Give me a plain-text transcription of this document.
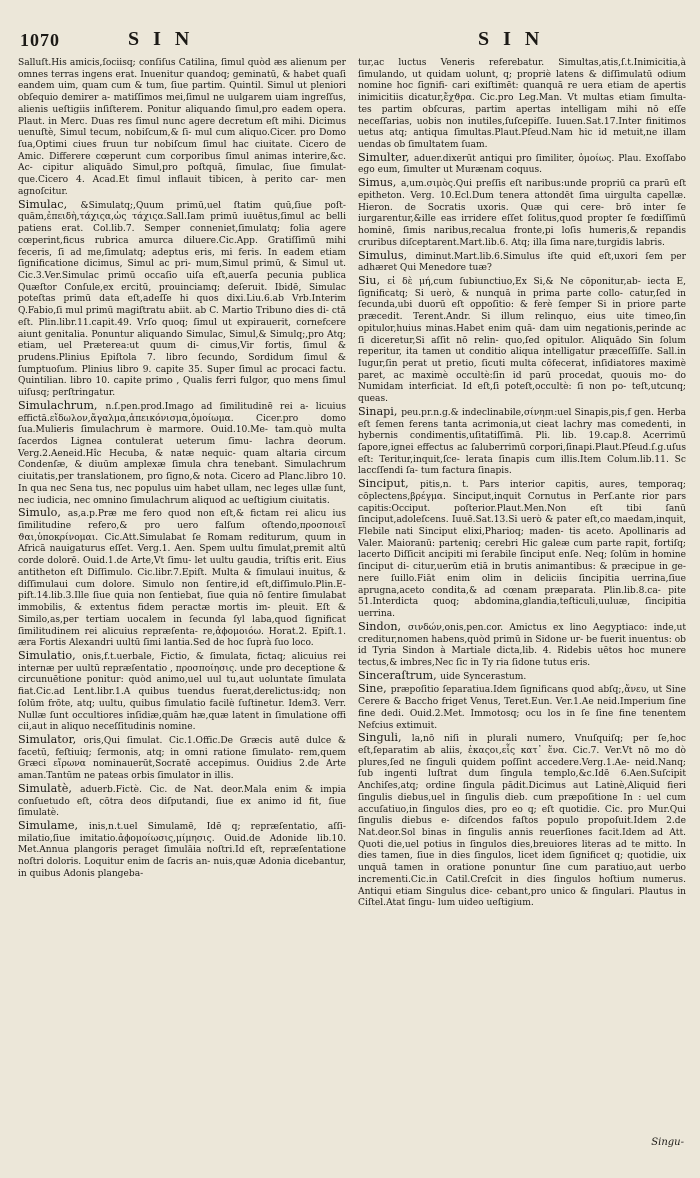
1070	SIN	SIN

Salluſt.His amicis,ſociisq; conſiſus Catilina, ſimul quòd æs alienum per omnes terras ingens erat. Inuenitur quandoq; geminatū, & habet quaſi eandem uim, quam cum & tum, ſiue partim. Quintil. Simul ut pleniori obſequio demirer a- matiſſimos mei,ſimul ne uulgarem uiam ingreſſus, alienis ueſtigiis inſiſterem. Ponitur aliquando ſimul,pro eadem opera. Plaut. in Merc. Duas res ſimul nunc agere decretum eſt mihi. Dicimus uenuſtè, Simul tecum, nobiſcum,& ſi- mul cum aliquo.Cicer. pro Domo ſua,Optimi ciues fruun tur nobiſcum ſimul hac ciuitate. Cicero de Amic. Differere cœperunt cum corporibus ſimul animas interire,&c. Ac- cipitur aliquādo Simul,pro poſtquā, ſimulac, ſiue ſimulat- que.Cicero 4. Acad.Et ſimul inflauit tibicen, à perito car- men agnoſcitur.

Simulac, &Simulatq;,Quum primū,uel ſtatim quū,ſiue poſt- quām,ἐπειδὴ,τάχιςα,ὡς τάχιςα.Sall.Iam primū iuuētus,ſimul ac belli patiens erat. Col.lib.7. Semper conneniet,ſimulatq; folia agere cœperint,ficus rubrica amurca diluere.Cic.App. Gratiſſimū mihi feceris, ſi ad me,ſimulatq; adeptus eris, mi feris. In eadem etiam ſignificatione dicimus, Simul ac pri- mum,Simul primū, & Simul ut. Cic.3.Ver.Simulac primū occaſio uiſa eſt,auerſa pecunia publica Quæſtor Conſule,ex ercitū, prouinciamq; deſeruit. Ibidē, Simulac poteſtas primū data eſt,adeſſe hi quos dixi.Liu.6.ab Vrb.Interim Q.Fabio,ſi mul primū magiſtratu abiit. ab C. Martio Tribuno dies di- ctā eſt. Plin.libr.11.capit.49. Vrſo quoq; ſimul ut expirauerit, cornefcere aiunt genitalia. Ponuntur aliquando Simulac, Simul,& Simulq;,pro Atq; etiam, uel Præterea:ut quum di- cimus,Vir fortis, ſimul & prudens.Plinius Epiſtola 7. libro ſecundo, Sordidum ſimul & ſumptuoſum. Plinius libro 9. capite 35. Super ſimul ac procaci factu. Quintilian. libro 10. capite primo , Qualis ferri fulgor, quo mens ſimul uiſusq; perſtringatur.

Simulachrum, n.ſ.pen.prod.Imago ad ſimilitudinē rei a- licuius effictā.εἴδωλον,ἄγαλμα,ἀπεικόνισμα,ὁμοίωμα. Cicer.pro domo ſua.Mulieris ſimulachrum è marmore. Ouid.10.Me- tam.quò multa ſacerdos Lignea contulerat ueterum ſimu- lachra deorum. Verg.2.Aeneid.Hîc Hecuba, & natæ nequic- quam altaria circum Condenſæ, & diuūm amplexæ ſimula chra tenebant. Simulachrum ciuitatis,per translationem, pro ſigno,& nota. Cicero ad Planc.libro 10. In qua nec Sena tus, nec populus uim habet ullam, nec leges ullæ ſunt, nec iudicia, nec omnino ſimulachrum aliquod ac ueſtigium ciuitatis.

Simulo, as,a.p.Præ me fero quod non eſt,& fictam rei alicu ius ſimilitudine refero,& pro uero falſum oſtendo,προσποιεῖ ϑαι,ὑποκρίνομαι. Cic.Att.Simulabat ſe Romam rediturum, quum in Africā nauigaturus eſſet. Verg.1. Aen. Spem uultu ſimulat,premit altū corde dolorē. Ouid.1.de Arte,Vt ſimu- let uultu gaudia, triſtis erit. Eius antitheton eſt Diſſimulo. Cic.libr.7.Epiſt. Multa & ſimulaui inuitus, & diſſimulaui cum dolore. Simulo non ſentire,id eſt,diſſimulo.Plin.E- piſt.14.lib.3.Ille ſiue quia non ſentiebat, ſiue quia nō ſentire ſimulabat immobilis, & extentus fidem peractæ mortis im- pleuit. Eſt & Similo,as,per tertiam uocalem in ſecunda ſyl laba,quod ſignificat ſimilitudinem rei alicuius repræſenta- re,ἀϕομοιόω. Horat.2. Epiſt.1. æra Fortis Alexandri uultū ſimi lantia.Sed de hoc ſuprà ſuo loco.

Simulatio, onis,f.t.uerbale, Fictio, & ſimulata, fictaq; alicuius rei internæ per uultū repræſentatio , προσποίησις. unde pro deceptione & circunuētione ponitur: quòd animo,uel uul tu,aut uoluntate ſimulata fiat.Cic.ad Lent.libr.1.A quibus tuendus fuerat,derelictus:idq; non ſolūm frōte, atq; uultu, quibus ſimulatio facilè ſuſtinetur. Idem3. Verr. Nullæ ſunt occultiores inſidiæ,quām hæ,quæ latent in ſimulatione offi cii,aut in aliquo neceſſitudinis nomine.

Simulator, oris,Qui ſimulat. Cic.1.Offic.De Græcis autē dulce & facetū, feſtiuiq; ſermonis, atq; in omni ratione ſimulato- rem,quem Græci εἴρωνα nominauerūt,Socratē accepimus. Ouidius 2.de Arte aman.Tantūm ne pateas orbis ſimulator in illis.

Simulatè, aduerb.Fictè. Cic. de Nat. deor.Mala enim & impia conſuetudo eſt, cōtra deos diſputandi, ſiue ex animo id fit, ſiue ſimulatè.

Simulame, inis,n.t.uel Simulamē, Idē q; repræſentatio, aſſi- milatio,ſiue imitatio.ἀϕομοίωσις,μίμησις. Ouid.de Adonide lib.10. Met.Annua plangoris peraget ſimulāia noſtri.Id eſt, repræſentatione noſtri doloris. Loquitur enim de ſacris an- nuis,quæ Adonia dicebantur, in quibus Adonis plangeba-

tur,ac luctus Veneris referebatur. Simultas,atis,ſ.t.Inimicitia,à ſimulando, ut quidam uolunt, q; propriè latens & diſſimulatū odium nomine hoc ſignifi- cari exiſtimēt: quanquā re uera etiam de apertis inimicitiis dicatur,ἔχϑρα. Cic.pro Leg.Man. Vt multas etiam ſimulta- tes partim obſcuras, partim apertas intelligam mihi nō eſſe neceſſarias, uobis non inutiles,ſuſcepiſſe. Iuuen.Sat.17.Inter finitimos uetus atq; antiqua ſimultas.Plaut.Pſeud.Nam hic id metuit,ne illam uendas ob ſimultatem ſuam.

Simulter, aduer.dixerūt antiqui pro ſimiliter, ὁμοίως. Plau. Exoſſabo ego eum, ſimulter ut Murænam coquus.

Simus, a,um.σιμὸς.Qui preſſis eſt naribus:unde propriū ca prarū eſt epitheton. Verg. 10.Ecl.Dum tenera attondēt ſima uirgulta capellæ. Hieron. de Socratis uxoris. Quæ qui cere- brō inter ſe iurgarentur,&ille eas irridere eſſet ſolitus,quod propter ſe fœdiſſimū hominē, ſimis naribus,recalua fronte,pi loſis humeris,& repandis cruribus diſceptarent.Mart.lib.6. Atq; illa ſima nare,turgidis labris.

Simulus, diminut.Mart.lib.6.Simulus iſte quid eſt,uxori ſem per adhæret Qui Menedore tuæ?

Siu, εἰ δὲ μή,cum ſubiunctiuo,Ex Si,& Ne cōponitur,ab- iecta E, ſignificatq; Si uerò, & nunquā in prima parte collo- catur,ſed in ſecunda,ubi duorū eſt oppoſitio: & ferè ſemper Si in priore parte præcedit. Terent.Andr. Si illum relinquo, eius uite timeo,ſin opitulor,huius minas.Habet enim quā- dam uim negationis,perinde ac ſi diceretur,Si aſſit nō relin- quo,ſed opitulor. Aliquādo Sin ſolum reperitur, ita tamen ut conditio aliqua intelligatur præceſſiſſe. Sall.in Iugur,ſin perat ut pretio, ſicuti multa cōfecerat, inſidiatores maximè paret, ac maximè occultè:ſin id parū procedat, quouis mo- do Numidam interficiat. Id eſt,ſi poteſt,occultè: ſi non po- teſt,utcunq; queas.

Sinapi, peu.pr.n.g.& indeclinabile,σίνηπι:uel Sinapis,pis,f gen. Herba eſt ſemen ferens tanta acrimonia,ut cieat lachry mas comedenti, in hybernis condimentis,uſitatiſſimā. Pli. lib. 19.cap.8. Acerrimū ſapore,ignei effectus ac ſaluberrimū corpori,ſinapi.Plaut.Pſeud.ſ.g.uſus eſt: Teritur,inquit,ſce- lerata ſinapis cum illis.Item Colum.lib.11. Sc laccſſendi ſa- tum factura ſinapis.

Sinciput, pitis,n. t. Pars interior capitis, aures, temporaq; cōplectens,βρέγμα. Sinciput,inquit Cornutus in Perſ.ante rior pars capitis:Occiput. poſterior.Plaut.Men.Non eſt tibi ſanū ſinciput,adoleſcens. Iuuē.Sat.13.Si uerò & pater eſt,co maedam,inquit, Flebile nati Sinciput elixi,Pharioq; maden- tis aceto. Apollinaris ad Valer. Maioranū: parteniq; cerebri Hic galeæ cum parte rapit, fortiſq; lacerto Diſſicit ancipiti mi ſerabile ſinciput enſe. Neq; ſolūm in homine ſinciput di- citur,uerūm etiā in brutis animantibus: & præcipue in ge- nere ſuillo.Fiāt enim olim in deliciis ſincipitia uerrina,ſiue aprugna,aceto condita,& ad cœnam præparata. Plin.lib.8.ca- pite 51.Interdicta quoq; abdomina,glandia,teſticuli,uuluæ, ſincipitia uerrina.

Sindon, σινδών,onis,pen.cor. Amictus ex lino Aegyptiaco: inde,ut creditur,nomen habens,quòd primū in Sidone ur- be fuerit inuentus: ob id Tyria Sindon à Martiale dicta,lib. 4. Ridebis uētos hoc munere tectus,& imbres,Nec ſic in Ty ria ſidone tutus eris.

Sinceraſtrum, uide Syncerastum.

Sine, præpoſitio ſeparatiua.Idem ſignificans quod abſq;,ἄνευ, ut Sine Cerere & Baccho friget Venus, Teret.Eun. Ver.1.Ae neid.Imperium ſine fine dedi. Ouid.2.Met. Immotosq; ocu los in ſe ſine fine tenentem Nefcius extimuit.

Singuli, la,nō niſi in plurali numero, Vnuſquiſq; per ſe,hoc eſt,ſeparatim ab aliis, ἑκαςοι,εἷς κατ᾽ ἕνα. Cic.7. Ver.Vt nō mo dò plures,ſed ne ſinguli quidem poſſint accedere.Verg.1.Ae- neid.Nanq; ſub ingenti luſtrat dum ſingula templo,&c.Idē 6.Aen.Suſcipit Anchiſes,atq; ordine ſingula pādit.Dicimus aut Latinè,Aliquid fieri ſingulis diebus,uel in ſingulis dieb. cum præpoſitione In : uel cum accuſatiuo,in ſingulos dies, pro eo q; eſt quotidie. Cic. pro Mur.Qui ſingulis diebus e- diſcendos faſtos populo propoſuit.Idem 2.de Nat.deor.Sol binas in ſingulis annis reuerſiones facit.Idem ad Att. Quoti die,uel potius in ſingulos dies,breuiores literas ad te mitto. In dies tamen, ſiue in dies ſingulos, licet idem ſignificet q; quotidie, uix unquā tamen in oratione ponuntur ſine cum paratiuo,aut uerbo incrementi.Cic.in Catil.Creſcit in dies ſingulos hoſtium numerus. Antiqui etiam Singulus dice- cebant,pro unico & ſingulari. Plautus in Ciſtel.Atat ſingu- lum uideo ueſtigium.

Singu-
